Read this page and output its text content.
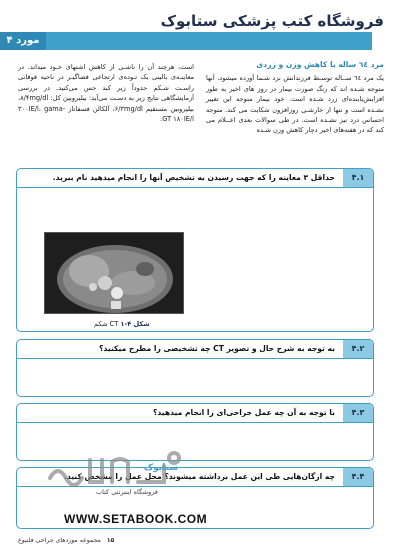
فروشگاه کتب پزشکی ستابوک
مورد ۴
مرد ٦٤ ساله با کاهش وزن و زردی
یک مرد ٦٤ ســاله توسـط فرزندانش نزد شـما آورده میشود. آنها متوجه شـده اند که رنگ صورت بیمار در روز های اخیر به طور افزایش‌یابنده‌ای زرد شـده است. خود بیمار متوجه این تغییر نشـده است و تنها از خارشـی روزافزون شکایت می کند. متوجه احساس درد نیز نشـده است. در طی سوالات بعدی اعــلام می کند که در هفته‌های اخیر دچار کاهش وزن شـده
است، هرچند آن را ناشـی از کاهش اشتهای خـود میداند. در معاینـه‌ی بالینی یک تـوده‌ی ارتجاعی فصاگیـر در ناحیه فوقانی راسـت شـکم حدوداً زیر کبد حس می‌کنید. در بررسی آزمایشگاهی نتایج زیر به دسـت می‌آید: بیلیروبین کل: ۸/۴mg/dl، بیلیروبین مستقیم ۶/۳mg/dl، آلکالن فسفاتاز ۳۰۰IE/l، gama-GT ۱۸۰IE/l.
۴.۱
حداقل ۳ معاینه را که جهت رسیدن به تشخیص آنها را انجام میدهید نام ببرید.
شکل ۴-۱ CT شکم
۴.۲
به توجه به شرح حال و تصویر CT چه تشخیصی را مطرح میکنید؟
۴.۳
با توجه به آن چه عمل جراحی‌ای را انجام میدهید؟
۴.۴
چه ارگان‌هایی طی این عمل برداشته میشوند؟ محل عمل را مشخص کنید.
ستابوک
فروشگاه اینترنتی کتاب
WWW.SETABOOK.COM
۱۵ مجموعه موردهای جراحی فلنیوع
